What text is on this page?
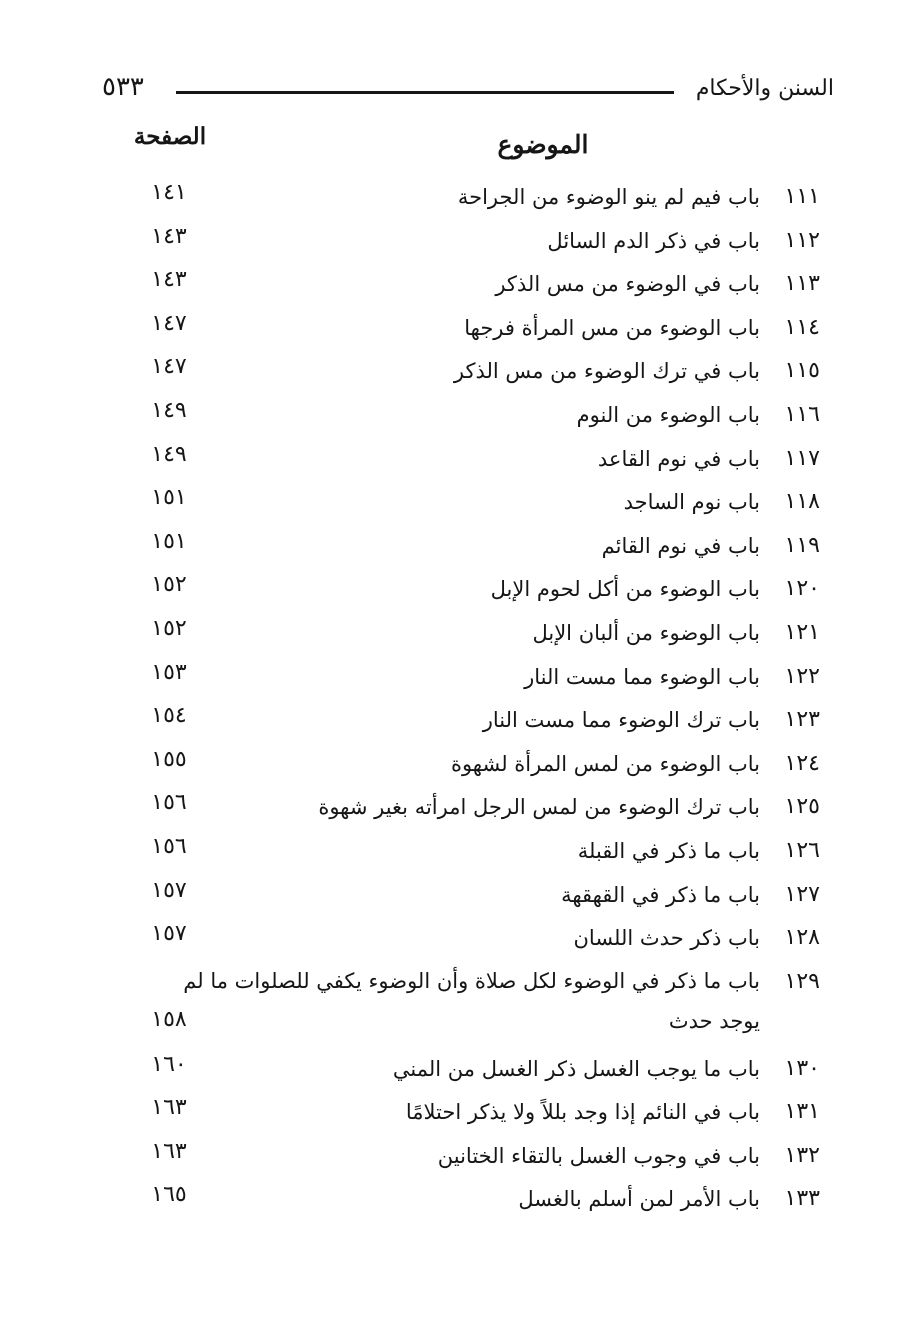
السنن والأحكام
٥٣٣
الموضوع
الصفحة
١١١
باب فيم لم ينو الوضوء من الجراحة
١٤١
١١٢
باب في ذكر الدم السائل
١٤٣
١١٣
باب في الوضوء من مس الذكر
١٤٣
١١٤
باب الوضوء من مس المرأة فرجها
١٤٧
١١٥
باب في ترك الوضوء من مس الذكر
١٤٧
١١٦
باب الوضوء من النوم
١٤٩
١١٧
باب في نوم القاعد
١٤٩
١١٨
باب نوم الساجد
١٥١
١١٩
باب في نوم القائم
١٥١
١٢٠
باب الوضوء من أكل لحوم الإبل
١٥٢
١٢١
باب الوضوء من ألبان الإبل
١٥٢
١٢٢
باب الوضوء مما مست النار
١٥٣
١٢٣
باب ترك الوضوء مما مست النار
١٥٤
١٢٤
باب الوضوء من لمس المرأة لشهوة
١٥٥
١٢٥
باب ترك الوضوء من لمس الرجل امرأته بغير شهوة
١٥٦
١٢٦
باب ما ذكر في القبلة
١٥٦
١٢٧
باب ما ذكر في القهقهة
١٥٧
١٢٨
باب ذكر حدث اللسان
١٥٧
١٢٩
باب ما ذكر في الوضوء لكل صلاة وأن الوضوء يكفي للصلوات ما لم يوجد حدث
١٥٨
١٣٠
باب ما يوجب الغسل ذكر الغسل من المني
١٦٠
١٣١
باب في النائم إذا وجد بللاً ولا يذكر احتلامًا
١٦٣
١٣٢
باب في وجوب الغسل بالتقاء الختانين
١٦٣
١٣٣
باب الأمر لمن أسلم بالغسل
١٦٥
